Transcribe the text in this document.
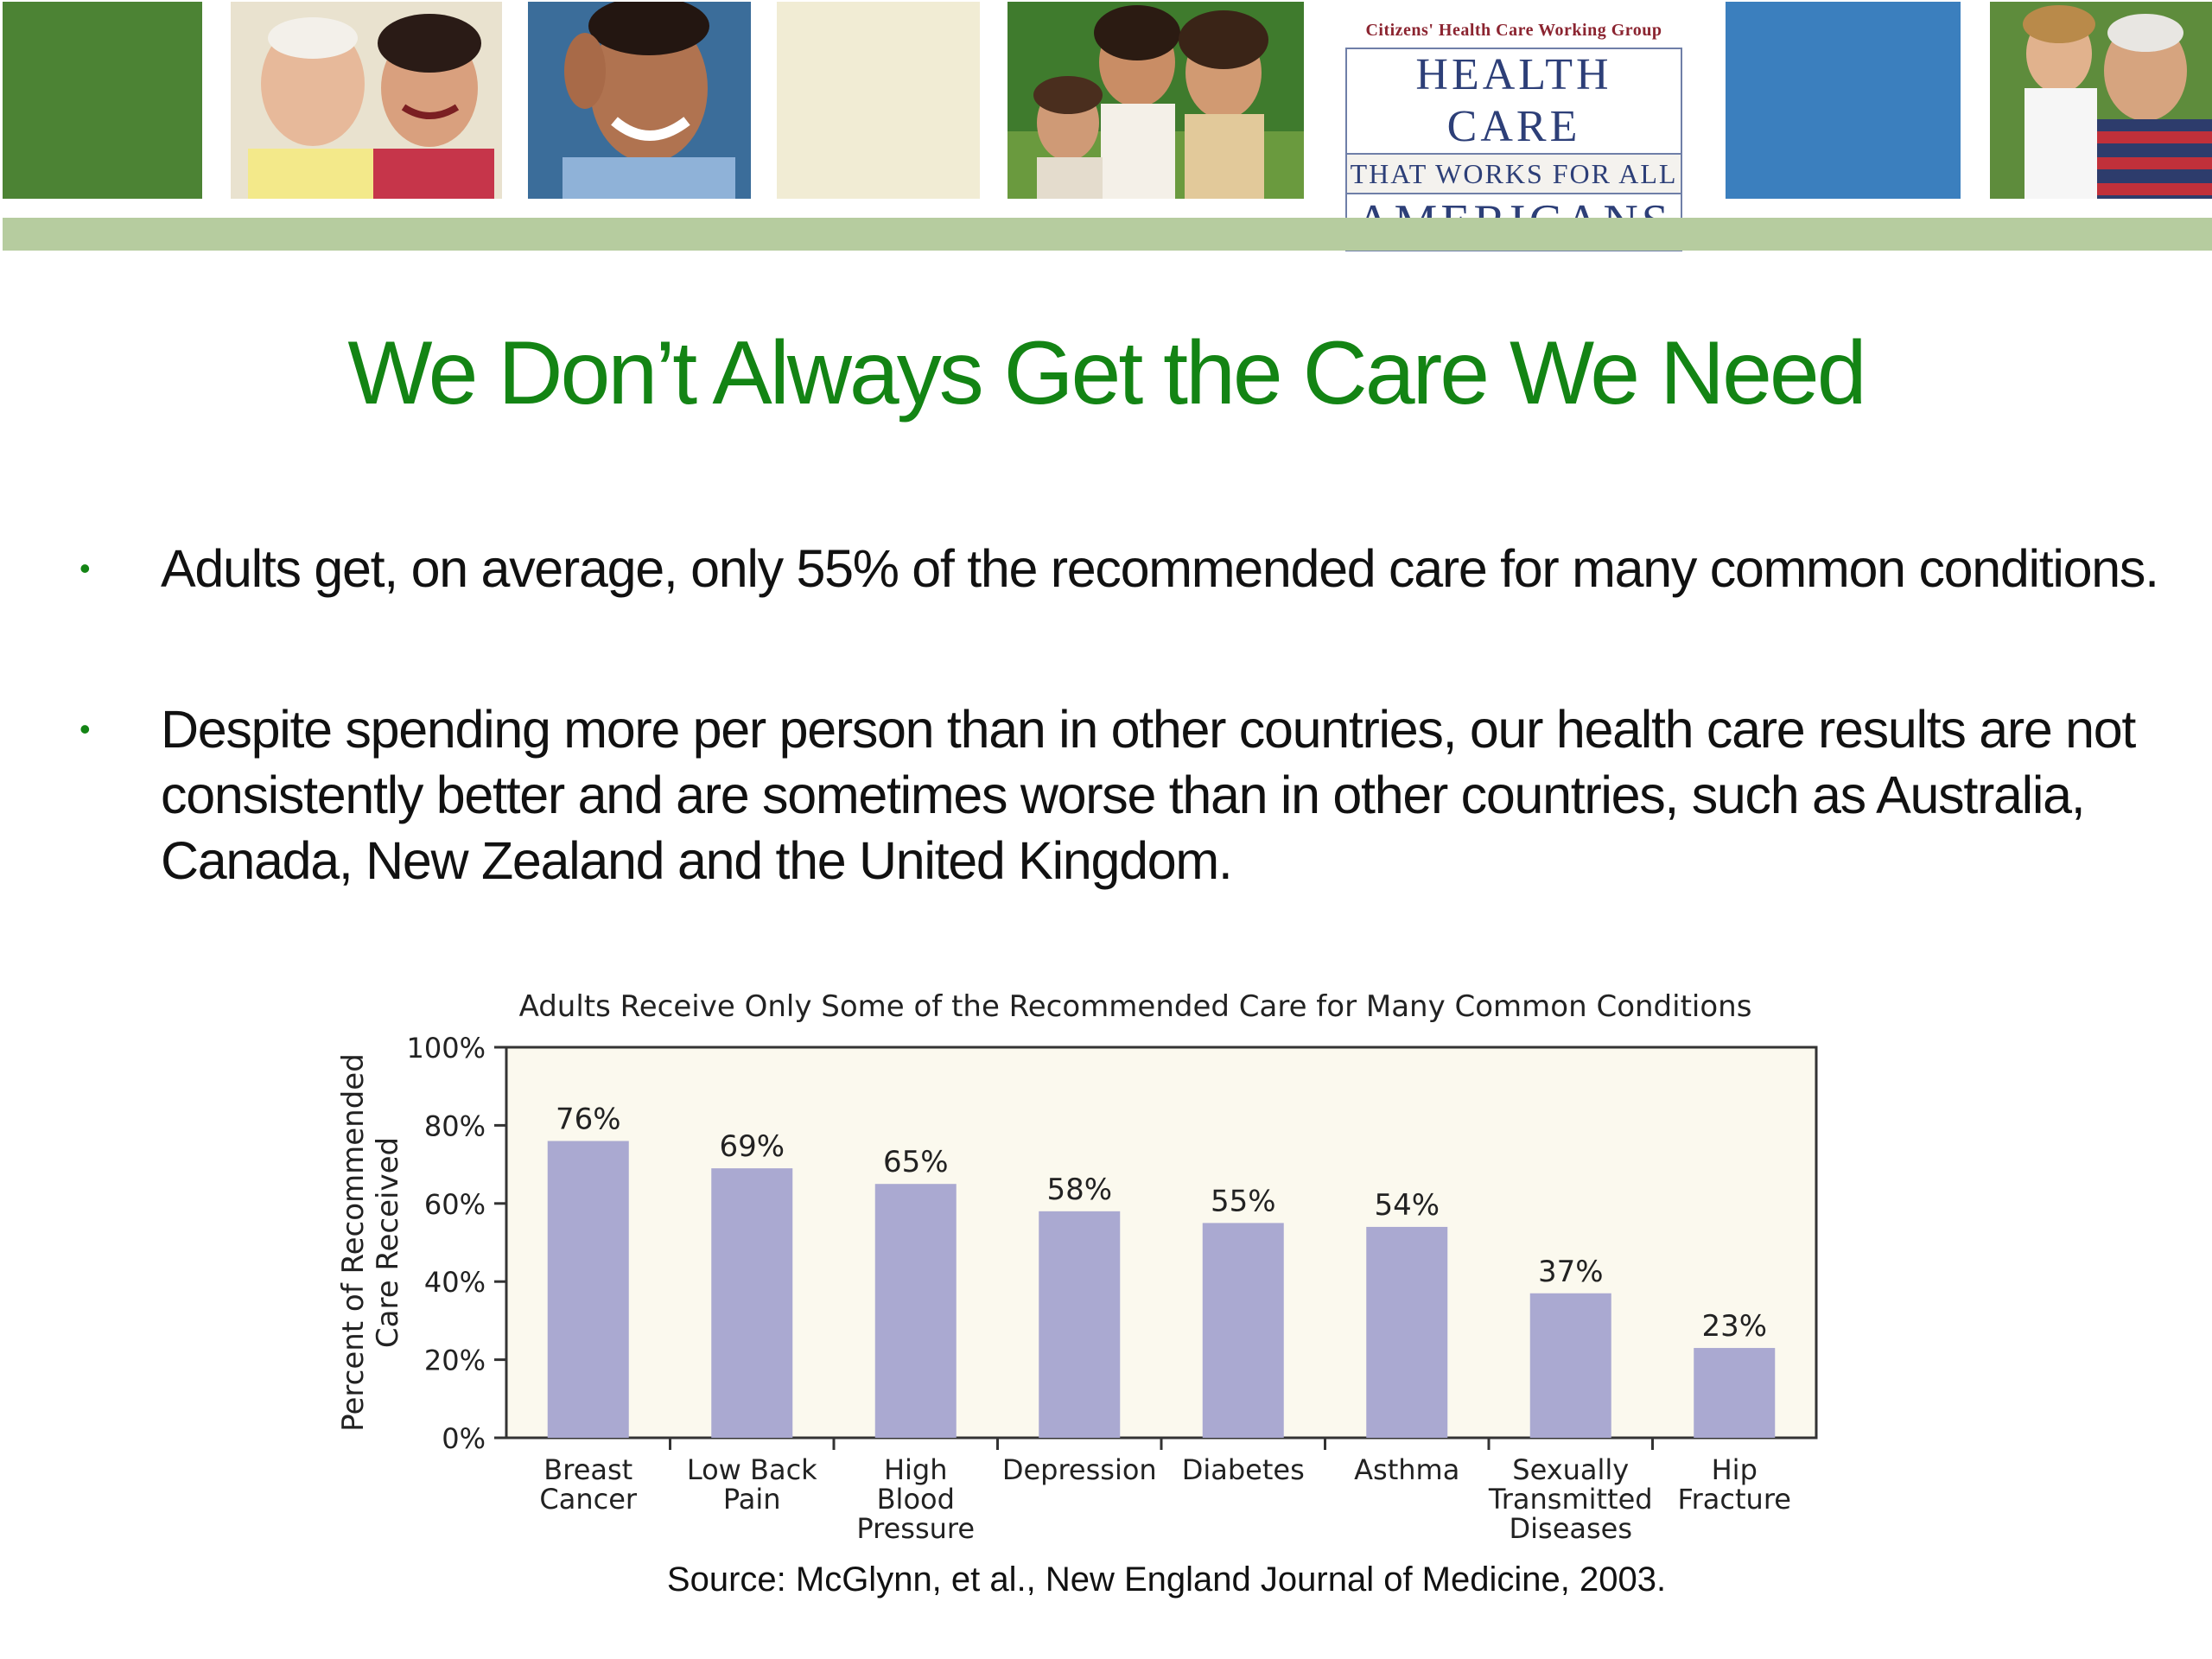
Citizens' Health Care Working Group
HEALTH CARE
THAT WORKS FOR ALL
We Don’t Always Get the Care We Need
• Adults get, on average, only 55% of the recommended care for many common conditions.
• Despite spending more per person than in other countries, our health care results are not consistently better and are sometimes worse than in other countries, such as Australia, Canada, New Zealand and the United Kingdom.
Adults Receive Only Some of the Recommended Care for Many Common Conditions
0%
20%
40%
60%
80%
100%
Percent of Recommended Care Received
76%
Breast
Cancer
69%
Low Back
Pain
65%
High
Blood
Pressure
58%
Depression
55%
Diabetes
54%
Asthma
37%
Sexually
Transmitted
Diseases
23%
Hip
Fracture
Source: McGlynn, et al., New England Journal of Medicine, 2003.
